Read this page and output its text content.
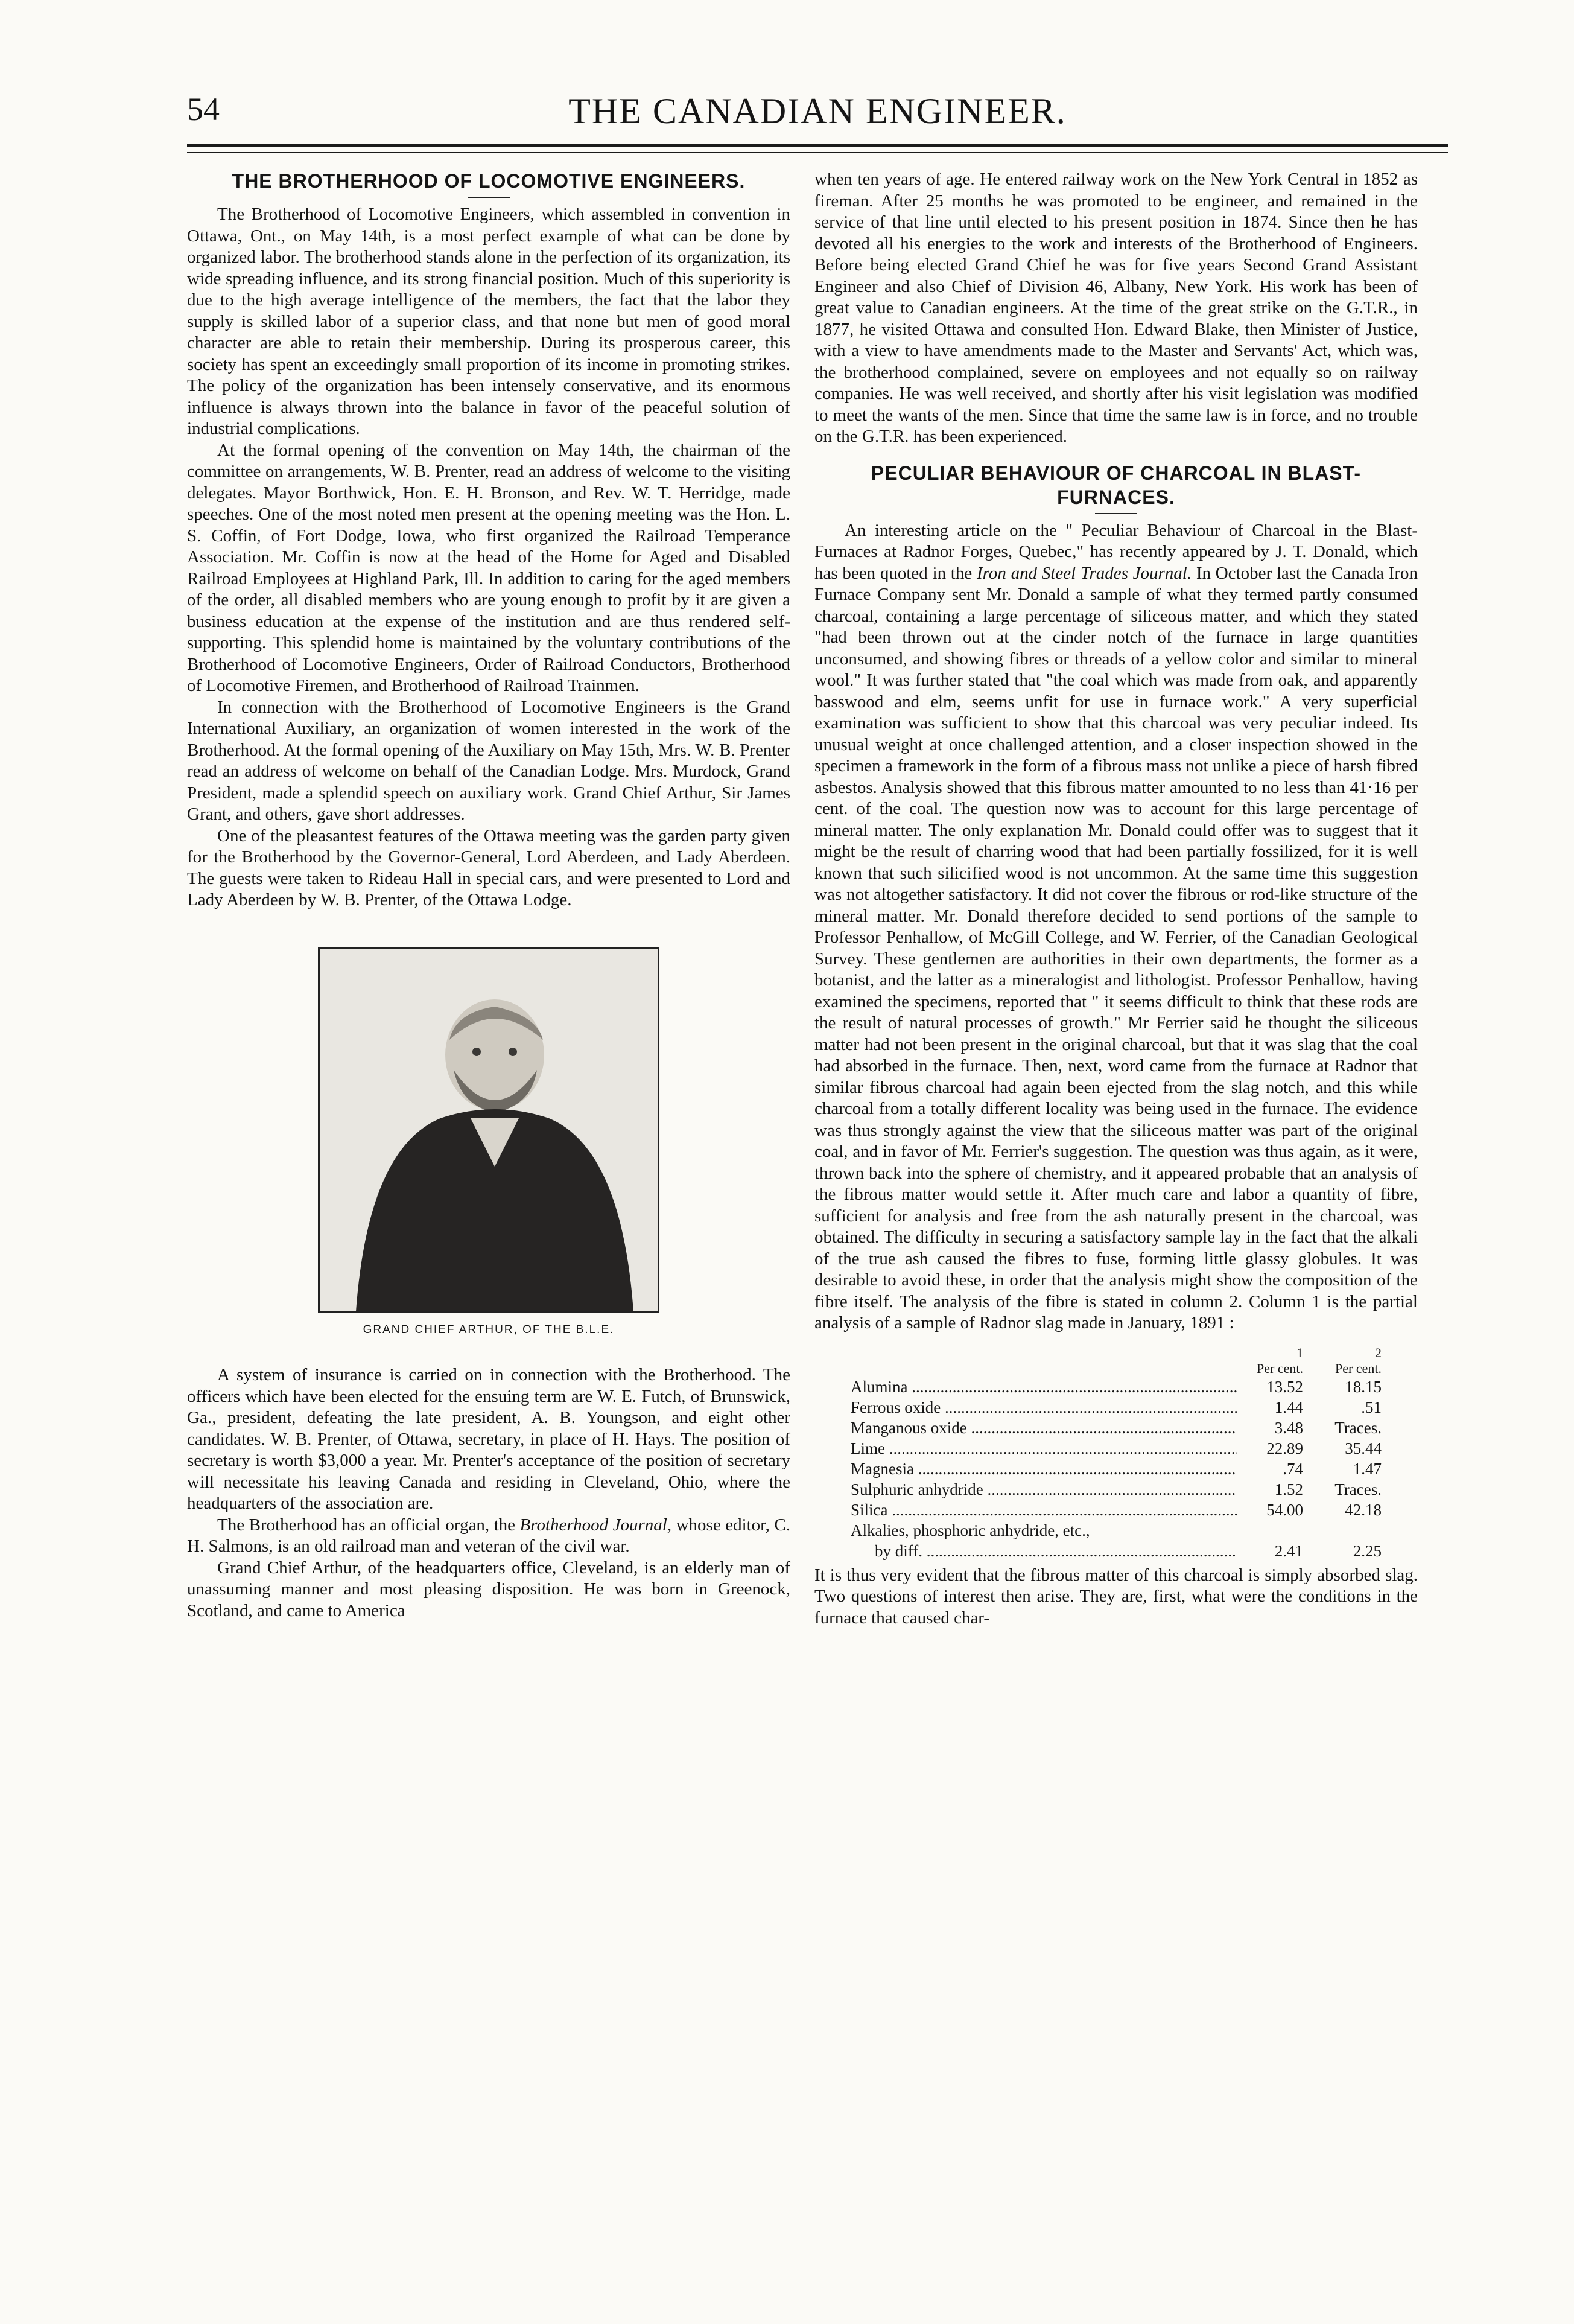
54	THE CANADIAN ENGINEER.
THE BROTHERHOOD OF LOCOMOTIVE ENGINEERS.

The Brotherhood of Locomotive Engineers, which assembled in convention in Ottawa, Ont., on May 14th, is a most perfect example of what can be done by organized labor. The brotherhood stands alone in the perfection of its organization, its wide spreading influence, and its strong financial position. Much of this superiority is due to the high average intelligence of the members, the fact that the labor they supply is skilled labor of a superior class, and that none but men of good moral character are able to retain their membership. During its prosperous career, this society has spent an exceedingly small proportion of its income in promoting strikes. The policy of the organization has been intensely conservative, and its enormous influence is always thrown into the balance in favor of the peaceful solution of industrial complications.

At the formal opening of the convention on May 14th, the chairman of the committee on arrangements, W. B. Prenter, read an address of welcome to the visiting delegates. Mayor Borthwick, Hon. E. H. Bronson, and Rev. W. T. Herridge, made speeches. One of the most noted men present at the opening meeting was the Hon. L. S. Coffin, of Fort Dodge, Iowa, who first organized the Railroad Temperance Association. Mr. Coffin is now at the head of the Home for Aged and Disabled Railroad Employees at Highland Park, Ill. In addition to caring for the aged members of the order, all disabled members who are young enough to profit by it are given a business education at the expense of the institution and are thus rendered self-supporting. This splendid home is maintained by the voluntary contributions of the Brotherhood of Locomotive Engineers, Order of Railroad Conductors, Brotherhood of Locomotive Firemen, and Brotherhood of Railroad Trainmen.

In connection with the Brotherhood of Locomotive Engineers is the Grand International Auxiliary, an organization of women interested in the work of the Brotherhood. At the formal opening of the Auxiliary on May 15th, Mrs. W. B. Prenter read an address of welcome on behalf of the Canadian Lodge. Mrs. Murdock, Grand President, made a splendid speech on auxiliary work. Grand Chief Arthur, Sir James Grant, and others, gave short addresses.

One of the pleasantest features of the Ottawa meeting was the garden party given for the Brotherhood by the Governor-General, Lord Aberdeen, and Lady Aberdeen. The guests were taken to Rideau Hall in special cars, and were presented to Lord and Lady Aberdeen by W. B. Prenter, of the Ottawa Lodge.

GRAND CHIEF ARTHUR, OF THE B.L.E.

A system of insurance is carried on in connection with the Brotherhood. The officers which have been elected for the ensuing term are W. E. Futch, of Brunswick, Ga., president, defeating the late president, A. B. Youngson, and eight other candidates. W. B. Prenter, of Ottawa, secretary, in place of H. Hays. The position of secretary is worth $3,000 a year. Mr. Prenter's acceptance of the position of secretary will necessitate his leaving Canada and residing in Cleveland, Ohio, where the headquarters of the association are.

The Brotherhood has an official organ, the Brotherhood Journal, whose editor, C. H. Salmons, is an old railroad man and veteran of the civil war.

Grand Chief Arthur, of the headquarters office, Cleveland, is an elderly man of unassuming manner and most pleasing disposition. He was born in Greenock, Scotland, and came to America

when ten years of age. He entered railway work on the New York Central in 1852 as fireman. After 25 months he was promoted to be engineer, and remained in the service of that line until elected to his present position in 1874. Since then he has devoted all his energies to the work and interests of the Brotherhood of Engineers. Before being elected Grand Chief he was for five years Second Grand Assistant Engineer and also Chief of Division 46, Albany, New York. His work has been of great value to Canadian engineers. At the time of the great strike on the G.T.R., in 1877, he visited Ottawa and consulted Hon. Edward Blake, then Minister of Justice, with a view to have amendments made to the Master and Servants' Act, which was, the brotherhood complained, severe on employees and not equally so on railway companies. He was well received, and shortly after his visit legislation was modified to meet the wants of the men. Since that time the same law is in force, and no trouble on the G.T.R. has been experienced.

PECULIAR BEHAVIOUR OF CHARCOAL IN BLAST-FURNACES.

An interesting article on the " Peculiar Behaviour of Charcoal in the Blast-Furnaces at Radnor Forges, Quebec," has recently appeared by J. T. Donald, which has been quoted in the Iron and Steel Trades Journal. In October last the Canada Iron Furnace Company sent Mr. Donald a sample of what they termed partly consumed charcoal, containing a large percentage of siliceous matter, and which they stated "had been thrown out at the cinder notch of the furnace in large quantities unconsumed, and showing fibres or threads of a yellow color and similar to mineral wool." It was further stated that "the coal which was made from oak, and apparently basswood and elm, seems unfit for use in furnace work." A very superficial examination was sufficient to show that this charcoal was very peculiar indeed. Its unusual weight at once challenged attention, and a closer inspection showed in the specimen a framework in the form of a fibrous mass not unlike a piece of harsh fibred asbestos. Analysis showed that this fibrous matter amounted to no less than 41·16 per cent. of the coal. The question now was to account for this large percentage of mineral matter. The only explanation Mr. Donald could offer was to suggest that it might be the result of charring wood that had been partially fossilized, for it is well known that such silicified wood is not uncommon. At the same time this suggestion was not altogether satisfactory. It did not cover the fibrous or rod-like structure of the mineral matter. Mr. Donald therefore decided to send portions of the sample to Professor Penhallow, of McGill College, and W. Ferrier, of the Canadian Geological Survey. These gentlemen are authorities in their own departments, the former as a botanist, and the latter as a mineralogist and lithologist. Professor Penhallow, having examined the specimens, reported that " it seems difficult to think that these rods are the result of natural processes of growth." Mr Ferrier said he thought the siliceous matter had not been present in the original charcoal, but that it was slag that the coal had absorbed in the furnace. Then, next, word came from the furnace at Radnor that similar fibrous charcoal had again been ejected from the slag notch, and this while charcoal from a totally different locality was being used in the furnace. The evidence was thus strongly against the view that the siliceous matter was part of the original coal, and in favor of Mr. Ferrier's suggestion. The question was thus again, as it were, thrown back into the sphere of chemistry, and it appeared probable that an analysis of the fibrous matter would settle it. After much care and labor a quantity of fibre, sufficient for analysis and free from the ash naturally present in the charcoal, was obtained. The difficulty in securing a satisfactory sample lay in the fact that the alkali of the true ash caused the fibres to fuse, forming little glassy globules. It was desirable to avoid these, in order that the analysis might show the composition of the fibre itself. The analysis of the fibre is stated in column 2. Column 1 is the partial analysis of a sample of Radnor slag made in January, 1891 :

1	2
Per cent.	Per cent.
Alumina .....	13.52	18.15
Ferrous oxide .....	1.44	.51
Manganous oxide .....	3.48	Traces.
Lime .....	22.89	35.44
Magnesia .....	.74	1.47
Sulphuric anhydride .....	1.52	Traces.
Silica .....	54.00	42.18
Alkalies, phosphoric anhydride, etc.,
by diff. .....	2.41	2.25

It is thus very evident that the fibrous matter of this charcoal is simply absorbed slag. Two questions of interest then arise. They are, first, what were the conditions in the furnace that caused char-
